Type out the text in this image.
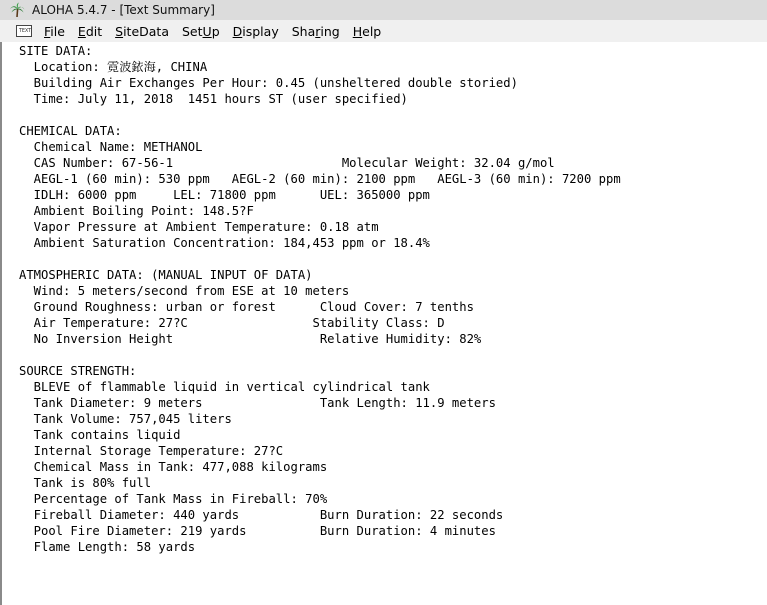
ALOHA 5.4.7 - [Text Summary]
TEXT	File	Edit	SiteData	SetUp	Display	Sharing	Help
SITE DATA:
Location: 霓波銥海, CHINA
Building Air Exchanges Per Hour: 0.45 (unsheltered double storied)
Time: July 11, 2018  1451 hours ST (user specified)
CHEMICAL DATA:
Chemical Name: METHANOL
CAS Number: 67-56-1                       Molecular Weight: 32.04 g/mol
AEGL-1 (60 min): 530 ppm   AEGL-2 (60 min): 2100 ppm   AEGL-3 (60 min): 7200 ppm
IDLH: 6000 ppm     LEL: 71800 ppm      UEL: 365000 ppm
Ambient Boiling Point: 148.5?F
Vapor Pressure at Ambient Temperature: 0.18 atm
Ambient Saturation Concentration: 184,453 ppm or 18.4%
ATMOSPHERIC DATA: (MANUAL INPUT OF DATA)
Wind: 5 meters/second from ESE at 10 meters
Ground Roughness: urban or forest      Cloud Cover: 7 tenths
Air Temperature: 27?C                 Stability Class: D
No Inversion Height                    Relative Humidity: 82%
SOURCE STRENGTH:
BLEVE of flammable liquid in vertical cylindrical tank
Tank Diameter: 9 meters                Tank Length: 11.9 meters
Tank Volume: 757,045 liters
Tank contains liquid
Internal Storage Temperature: 27?C
Chemical Mass in Tank: 477,088 kilograms
Tank is 80% full
Percentage of Tank Mass in Fireball: 70%
Fireball Diameter: 440 yards           Burn Duration: 22 seconds
Pool Fire Diameter: 219 yards          Burn Duration: 4 minutes
Flame Length: 58 yards
